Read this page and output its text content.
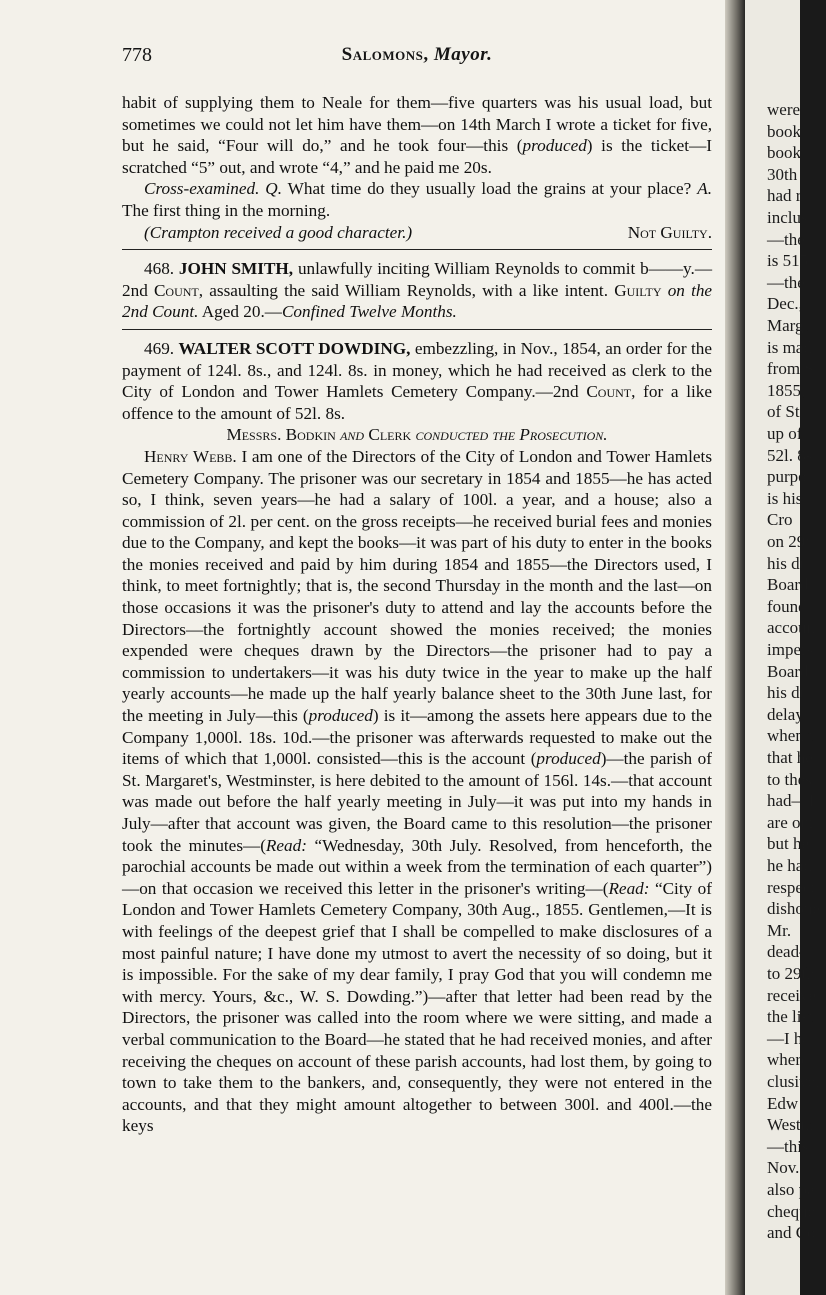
778	Salomons, Mayor.

habit of supplying them to Neale for them—five quarters was his usual load, but sometimes we could not let him have them—on 14th March I wrote a ticket for five, but he said, “Four will do,” and he took four—this (produced) is the ticket—I scratched “5” out, and wrote “4,” and he paid me 20s.

Cross-examined. Q. What time do they usually load the grains at your place? A. The first thing in the morning.

(Crampton received a good character.)	Not Guilty.

468. JOHN SMITH, unlawfully inciting William Reynolds to commit b——y.—2nd Count, assaulting the said William Reynolds, with a like intent. Guilty on the 2nd Count. Aged 20.—Confined Twelve Months.

469. WALTER SCOTT DOWDING, embezzling, in Nov., 1854, an order for the payment of 124l. 8s., and 124l. 8s. in money, which he had received as clerk to the City of London and Tower Hamlets Cemetery Company.—2nd Count, for a like offence to the amount of 52l. 8s.

Messrs. Bodkin and Clerk conducted the Prosecution.

Henry Webb. I am one of the Directors of the City of London and Tower Hamlets Cemetery Company. The prisoner was our secretary in 1854 and 1855—he has acted so, I think, seven years—he had a salary of 100l. a year, and a house; also a commission of 2l. per cent. on the gross receipts—he received burial fees and monies due to the Company, and kept the books—it was part of his duty to enter in the books the monies received and paid by him during 1854 and 1855—the Directors used, I think, to meet fortnightly; that is, the second Thursday in the month and the last—on those occasions it was the prisoner's duty to attend and lay the accounts before the Directors—the fortnightly account showed the monies received; the monies expended were cheques drawn by the Directors—the prisoner had to pay a commission to undertakers—it was his duty twice in the year to make up the half yearly accounts—he made up the half yearly balance sheet to the 30th June last, for the meeting in July—this (produced) is it—among the assets here appears due to the Company 1,000l. 18s. 10d.—the prisoner was afterwards requested to make out the items of which that 1,000l. consisted—this is the account (produced)—the parish of St. Margaret's, Westminster, is here debited to the amount of 156l. 14s.—that account was made out before the half yearly meeting in July—it was put into my hands in July—after that account was given, the Board came to this resolution—the prisoner took the minutes—(Read: “Wednesday, 30th July. Resolved, from henceforth, the parochial accounts be made out within a week from the termination of each quarter”)—on that occasion we received this letter in the prisoner's writing—(Read: “City of London and Tower Hamlets Cemetery Company, 30th Aug., 1855. Gentlemen,—It is with feelings of the deepest grief that I shall be compelled to make disclosures of a most painful nature; I have done my utmost to avert the necessity of so doing, but it is impossible. For the sake of my dear family, I pray God that you will condemn me with mercy. Yours, &c., W. S. Dowding.”)—after that letter had been read by the Directors, the prisoner was called into the room where we were sitting, and made a verbal communication to the Board—he stated that he had received monies, and after receiving the cheques on account of these parish accounts, had lost them, by going to town to take them to the bankers, and, consequently, they were not entered in the accounts, and that they might amount altogether to between 300l. and 400l.—the keys

were
book
book
30th
had r
inclus
—the
is 515
—the
Dec.,
Marga
is mad
from S
1855,
of St.
up of
52l. 8s
purpo
is his,
Cro
on 29t
his du
Board
found
accoun
impers
Board
his du
delay—
when t
that he
to thes
had—I
are our
but he
he had
respect
dishone
Mr.
dead—
to 29th
receive
the list
—I ha
where—
clusive.
Edw
Westm
—this
Nov.,
also pa
cheque
and Co
